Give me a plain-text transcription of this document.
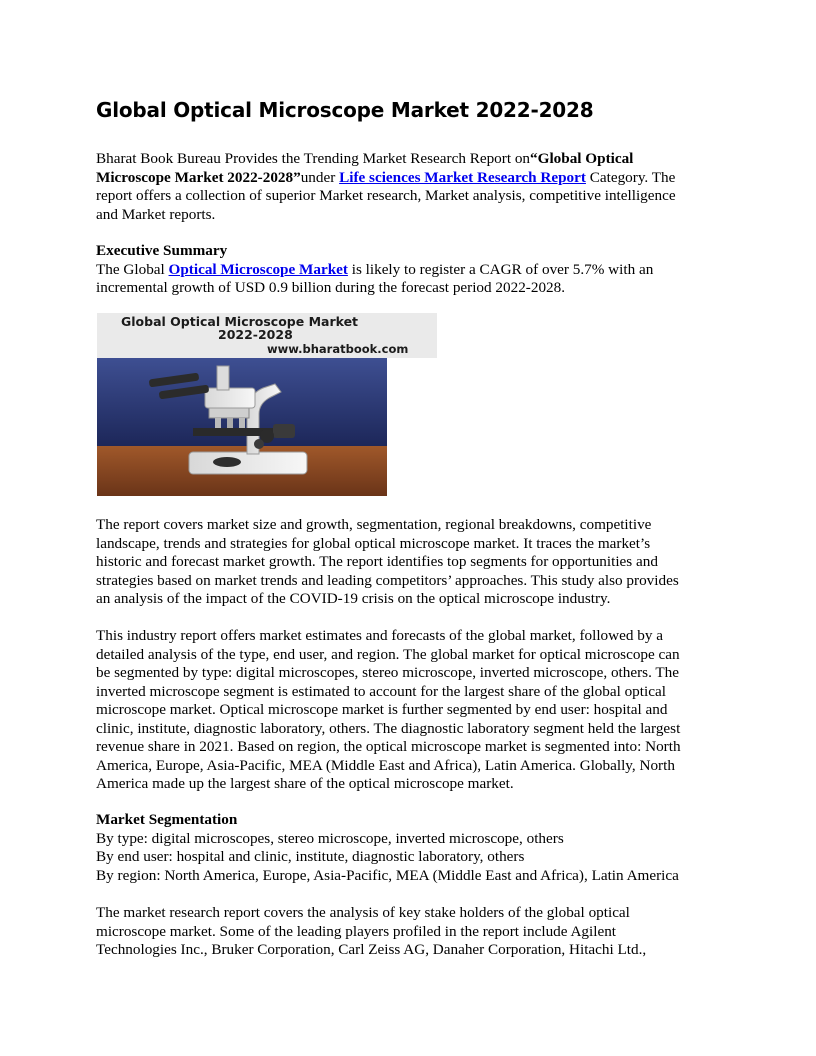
Global Optical Microscope Market 2022-2028
Bharat Book Bureau Provides the Trending Market Research Report on“Global Optical
Microscope Market 2022-2028”under Life sciences Market Research Report Category. The
report offers a collection of superior Market research, Market analysis, competitive intelligence
and Market reports.
Executive Summary
The Global Optical Microscope Market is likely to register a CAGR of over 5.7% with an
incremental growth of USD 0.9 billion during the forecast period 2022-2028.
Global Optical Microscope Market
2022-2028
www.bharatbook.com
The report covers market size and growth, segmentation, regional breakdowns, competitive
landscape, trends and strategies for global optical microscope market. It traces the market’s
historic and forecast market growth. The report identifies top segments for opportunities and
strategies based on market trends and leading competitors’ approaches. This study also provides
an analysis of the impact of the COVID-19 crisis on the optical microscope industry.
This industry report offers market estimates and forecasts of the global market, followed by a
detailed analysis of the type, end user, and region. The global market for optical microscope can
be segmented by type: digital microscopes, stereo microscope, inverted microscope, others. The
inverted microscope segment is estimated to account for the largest share of the global optical
microscope market. Optical microscope market is further segmented by end user: hospital and
clinic, institute, diagnostic laboratory, others. The diagnostic laboratory segment held the largest
revenue share in 2021. Based on region, the optical microscope market is segmented into: North
America, Europe, Asia-Pacific, MEA (Middle East and Africa), Latin America. Globally, North
America made up the largest share of the optical microscope market.
Market Segmentation
By type: digital microscopes, stereo microscope, inverted microscope, others
By end user: hospital and clinic, institute, diagnostic laboratory, others
By region: North America, Europe, Asia-Pacific, MEA (Middle East and Africa), Latin America
The market research report covers the analysis of key stake holders of the global optical
microscope market. Some of the leading players profiled in the report include Agilent
Technologies Inc., Bruker Corporation, Carl Zeiss AG, Danaher Corporation, Hitachi Ltd.,
